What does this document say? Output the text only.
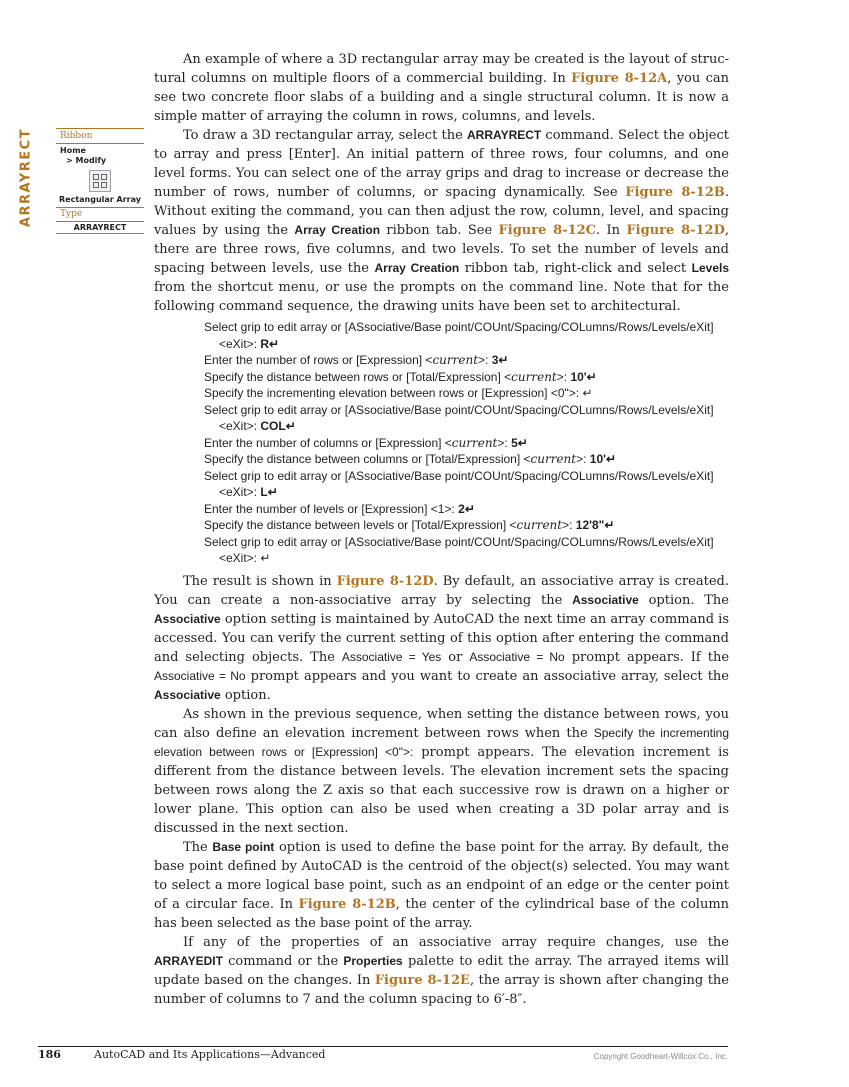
ARRAYRECT	Ribbon
Home
> Modify
Rectangular Array
Type
ARRAYRECT

An example of where a 3D rectangular array may be created is the layout of struc-tural columns on multiple floors of a commercial building. In Figure 8-12A, you can see two concrete floor slabs of a building and a single structural column. It is now a simple matter of arraying the column in rows, columns, and levels.

To draw a 3D rectangular array, select the ARRAYRECT command. Select the object to array and press [Enter]. An initial pattern of three rows, four columns, and one level forms. You can select one of the array grips and drag to increase or decrease the number of rows, number of columns, or spacing dynamically. See Figure 8-12B. Without exiting the command, you can then adjust the row, column, level, and spacing values by using the Array Creation ribbon tab. See Figure 8-12C. In Figure 8-12D, there are three rows, five columns, and two levels. To set the number of levels and spacing between levels, use the Array Creation ribbon tab, right-click and select Levels from the shortcut menu, or use the prompts on the command line. Note that for the following command sequence, the drawing units have been set to architectural.

Select grip to edit array or [ASsociative/Base point/COUnt/Spacing/COLumns/Rows/Levels/eXit] <eXit>: R↵
Enter the number of rows or [Expression] <current>: 3↵
Specify the distance between rows or [Total/Expression] <current>: 10'↵
Specify the incrementing elevation between rows or [Expression] <0">: ↵
Select grip to edit array or [ASsociative/Base point/COUnt/Spacing/COLumns/Rows/Levels/eXit] <eXit>: COL↵
Enter the number of columns or [Expression] <current>: 5↵
Specify the distance between columns or [Total/Expression] <current>: 10'↵
Select grip to edit array or [ASsociative/Base point/COUnt/Spacing/COLumns/Rows/Levels/eXit] <eXit>: L↵
Enter the number of levels or [Expression] <1>: 2↵
Specify the distance between levels or [Total/Expression] <current>: 12'8"↵
Select grip to edit array or [ASsociative/Base point/COUnt/Spacing/COLumns/Rows/Levels/eXit] <eXit>: ↵

The result is shown in Figure 8-12D. By default, an associative array is created. You can create a non-associative array by selecting the Associative option. The Associative option setting is maintained by AutoCAD the next time an array command is accessed. You can verify the current setting of this option after entering the command and selecting objects. The Associative = Yes or Associative = No prompt appears. If the Associative = No prompt appears and you want to create an associative array, select the Associative option.

As shown in the previous sequence, when setting the distance between rows, you can also define an elevation increment between rows when the Specify the incrementing elevation between rows or [Expression] <0">: prompt appears. The elevation increment is different from the distance between levels. The elevation increment sets the spacing between rows along the Z axis so that each successive row is drawn on a higher or lower plane. This option can also be used when creating a 3D polar array and is discussed in the next section.

The Base point option is used to define the base point for the array. By default, the base point defined by AutoCAD is the centroid of the object(s) selected. You may want to select a more logical base point, such as an endpoint of an edge or the center point of a circular face. In Figure 8-12B, the center of the cylindrical base of the column has been selected as the base point of the array.

If any of the properties of an associative array require changes, use the ARRAYEDIT command or the Properties palette to edit the array. The arrayed items will update based on the changes. In Figure 8-12E, the array is shown after changing the number of columns to 7 and the column spacing to 6′-8″.

186	AutoCAD and Its Applications—Advanced	Copyright Goodheart-Willcox Co., Inc.
